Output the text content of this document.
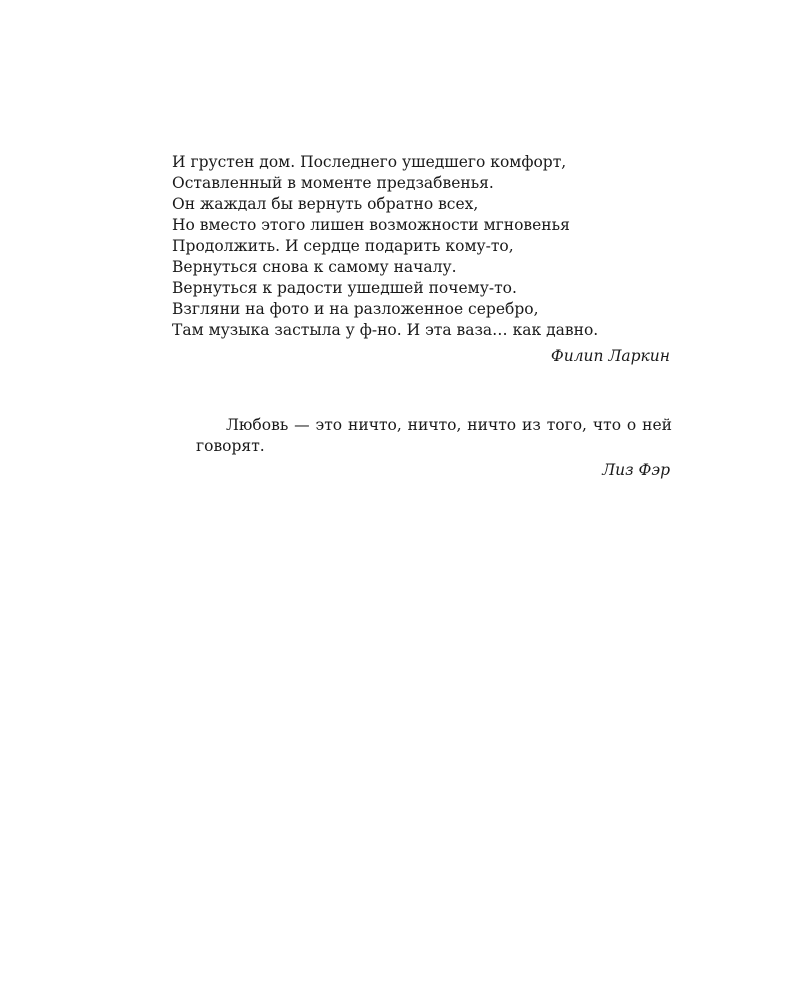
И грустен дом. Последнего ушедшего комфорт,
Оставленный в моменте предзабвенья.
Он жаждал бы вернуть обратно всех,
Но вместо этого лишен возможности мгновенья
Продолжить. И сердце подарить кому-то,
Вернуться снова к самому началу.
Вернуться к радости ушедшей почему-то.
Взгляни на фото и на разложенное серебро,
Там музыка застыла у ф-но. И эта ваза… как давно.
Филип Ларкин

Любовь — это ничто, ничто, ничто из того, что о ней говорят.

Лиз Фэр
